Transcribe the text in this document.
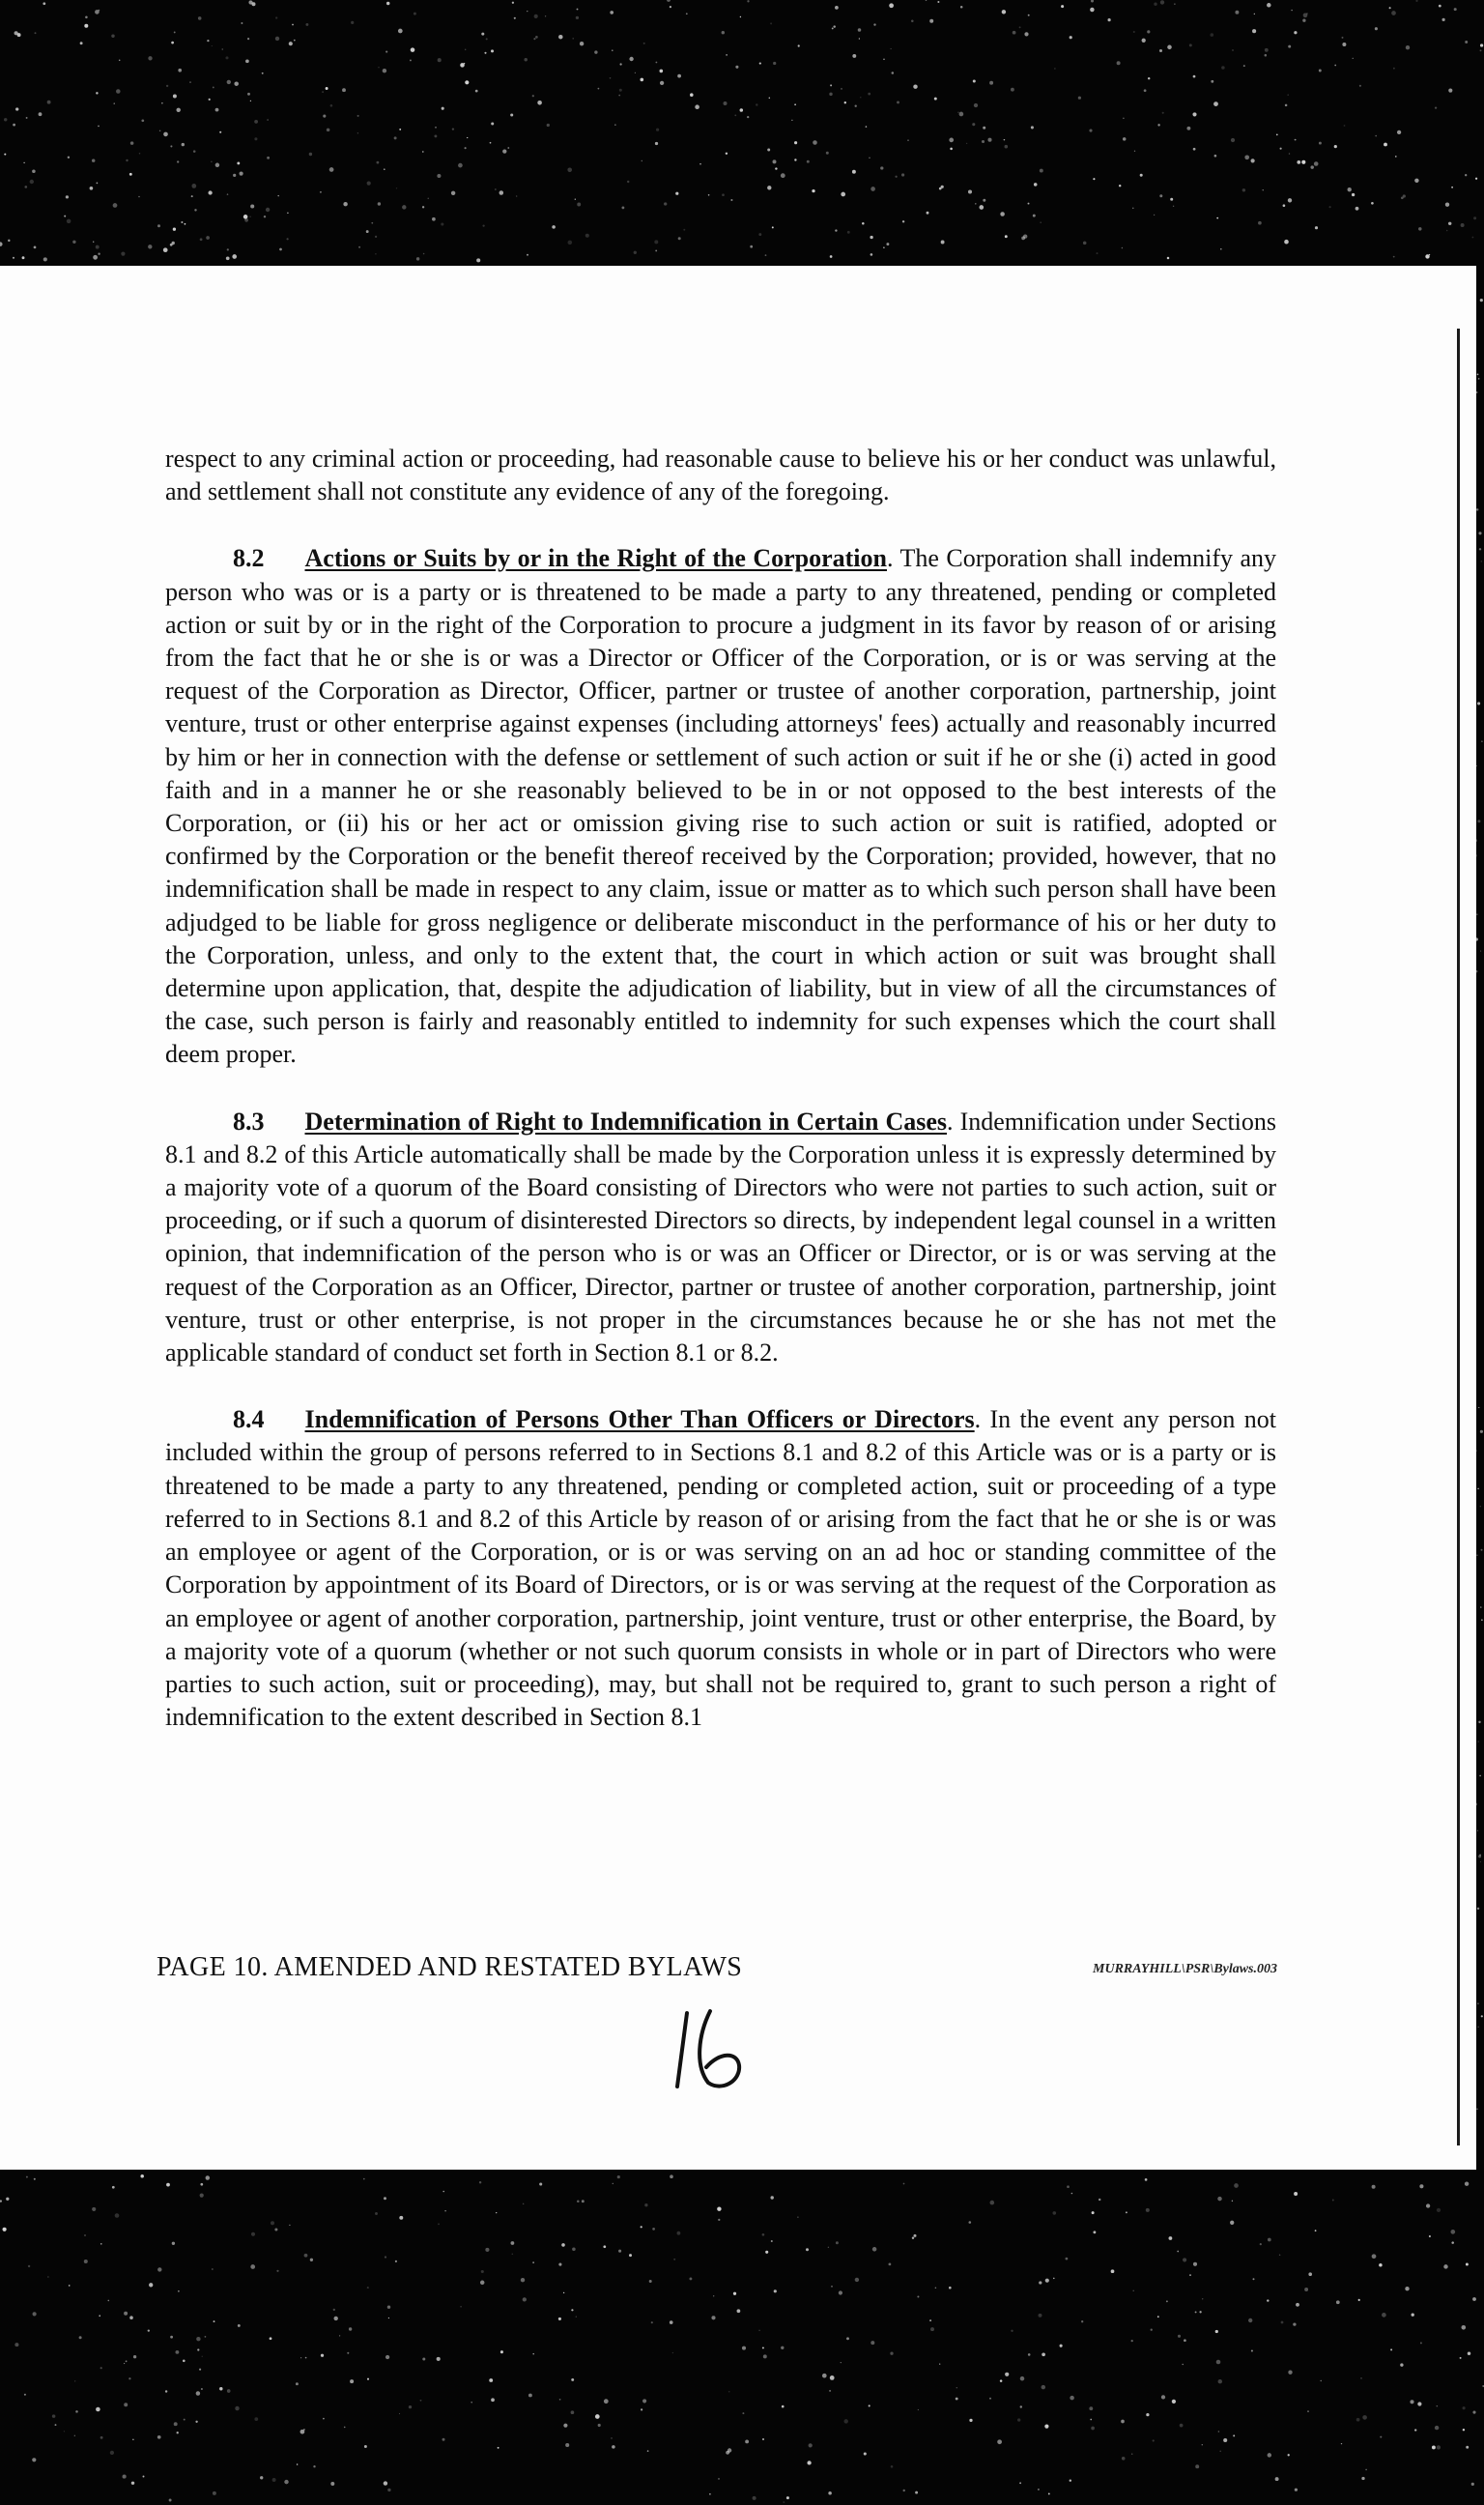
respect to any criminal action or proceeding, had reasonable cause to believe his or her conduct was unlawful, and settlement shall not constitute any evidence of any of the foregoing.

8.2 Actions or Suits by or in the Right of the Corporation. The Corporation shall indemnify any person who was or is a party or is threatened to be made a party to any threatened, pending or completed action or suit by or in the right of the Corporation to procure a judgment in its favor by reason of or arising from the fact that he or she is or was a Director or Officer of the Corporation, or is or was serving at the request of the Corporation as Director, Officer, partner or trustee of another corporation, partnership, joint venture, trust or other enterprise against expenses (including attorneys' fees) actually and reasonably incurred by him or her in connection with the defense or settlement of such action or suit if he or she (i) acted in good faith and in a manner he or she reasonably believed to be in or not opposed to the best interests of the Corporation, or (ii) his or her act or omission giving rise to such action or suit is ratified, adopted or confirmed by the Corporation or the benefit thereof received by the Corporation; provided, however, that no indemnification shall be made in respect to any claim, issue or matter as to which such person shall have been adjudged to be liable for gross negligence or deliberate misconduct in the performance of his or her duty to the Corporation, unless, and only to the extent that, the court in which action or suit was brought shall determine upon application, that, despite the adjudication of liability, but in view of all the circumstances of the case, such person is fairly and reasonably entitled to indemnity for such expenses which the court shall deem proper.

8.3 Determination of Right to Indemnification in Certain Cases. Indemnification under Sections 8.1 and 8.2 of this Article automatically shall be made by the Corporation unless it is expressly determined by a majority vote of a quorum of the Board consisting of Directors who were not parties to such action, suit or proceeding, or if such a quorum of disinterested Directors so directs, by independent legal counsel in a written opinion, that indemnification of the person who is or was an Officer or Director, or is or was serving at the request of the Corporation as an Officer, Director, partner or trustee of another corporation, partnership, joint venture, trust or other enterprise, is not proper in the circumstances because he or she has not met the applicable standard of conduct set forth in Section 8.1 or 8.2.

8.4 Indemnification of Persons Other Than Officers or Directors. In the event any person not included within the group of persons referred to in Sections 8.1 and 8.2 of this Article was or is a party or is threatened to be made a party to any threatened, pending or completed action, suit or proceeding of a type referred to in Sections 8.1 and 8.2 of this Article by reason of or arising from the fact that he or she is or was an employee or agent of the Corporation, or is or was serving on an ad hoc or standing committee of the Corporation by appointment of its Board of Directors, or is or was serving at the request of the Corporation as an employee or agent of another corporation, partnership, joint venture, trust or other enterprise, the Board, by a majority vote of a quorum (whether or not such quorum consists in whole or in part of Directors who were parties to such action, suit or proceeding), may, but shall not be required to, grant to such person a right of indemnification to the extent described in Section 8.1

PAGE 10. AMENDED AND RESTATED BYLAWS	MURRAYHILL\PSR\Bylaws.003
